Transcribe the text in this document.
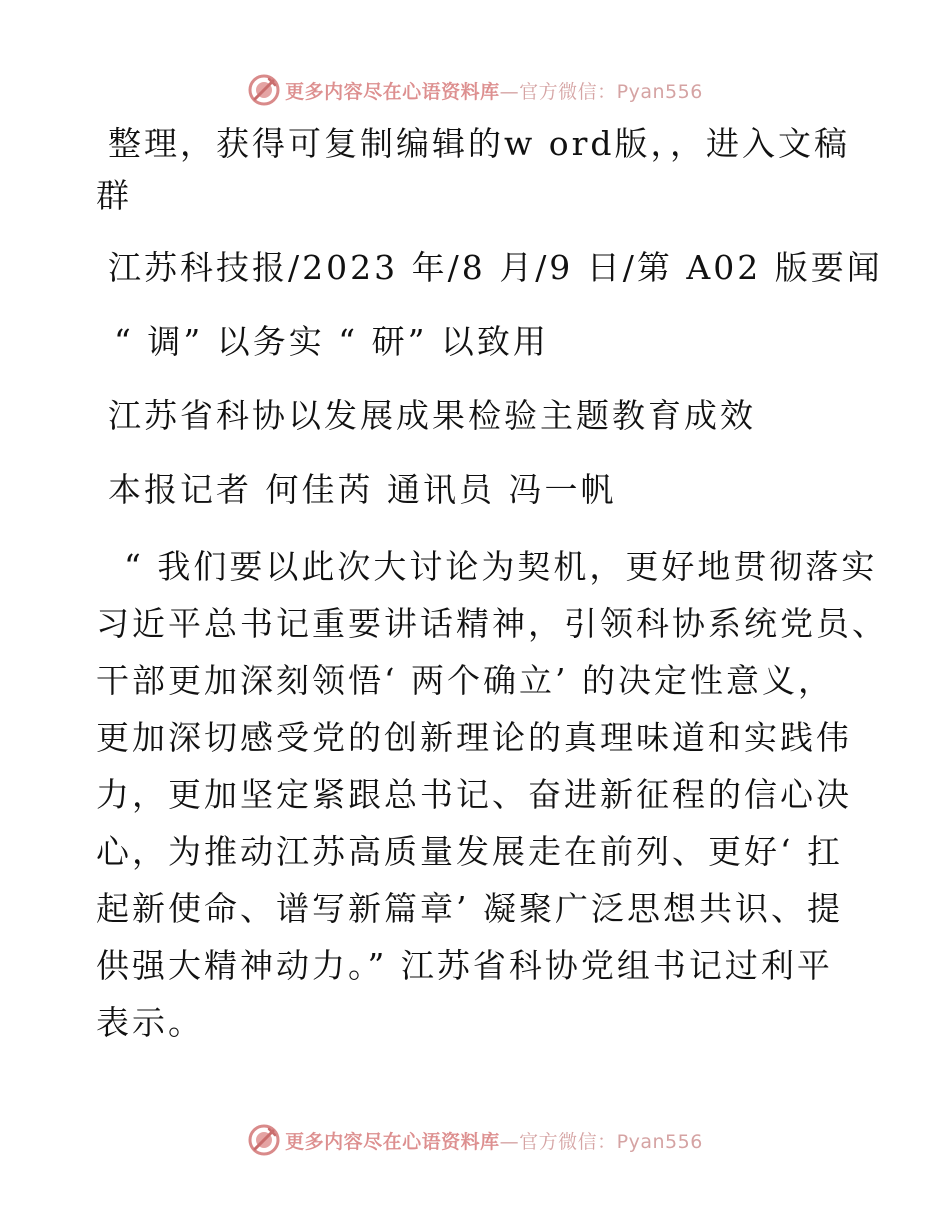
更多内容尽在心语资料库—官方微信：Pyan556
整理，获得可复制编辑的w ord版，，进入文稿
群
江苏科技报/2023 年/8 月/9 日/第 A02 版要闻
“ 调” 以务实 “ 研” 以致用
江苏省科协以发展成果检验主题教育成效
本报记者 何佳芮 通讯员 冯一帆
“ 我们要以此次大讨论为契机，更好地贯彻落实
习近平总书记重要讲话精神，引领科协系统党员、
干部更加深刻领悟‘ 两个确立’ 的决定性意义，
更加深切感受党的创新理论的真理味道和实践伟
力，更加坚定紧跟总书记、奋进新征程的信心决
心，为推动江苏高质量发展走在前列、更好‘ 扛
起新使命、谱写新篇章’ 凝聚广泛思想共识、提
供强大精神动力。” 江苏省科协党组书记过利平
表示。
更多内容尽在心语资料库—官方微信：Pyan556
